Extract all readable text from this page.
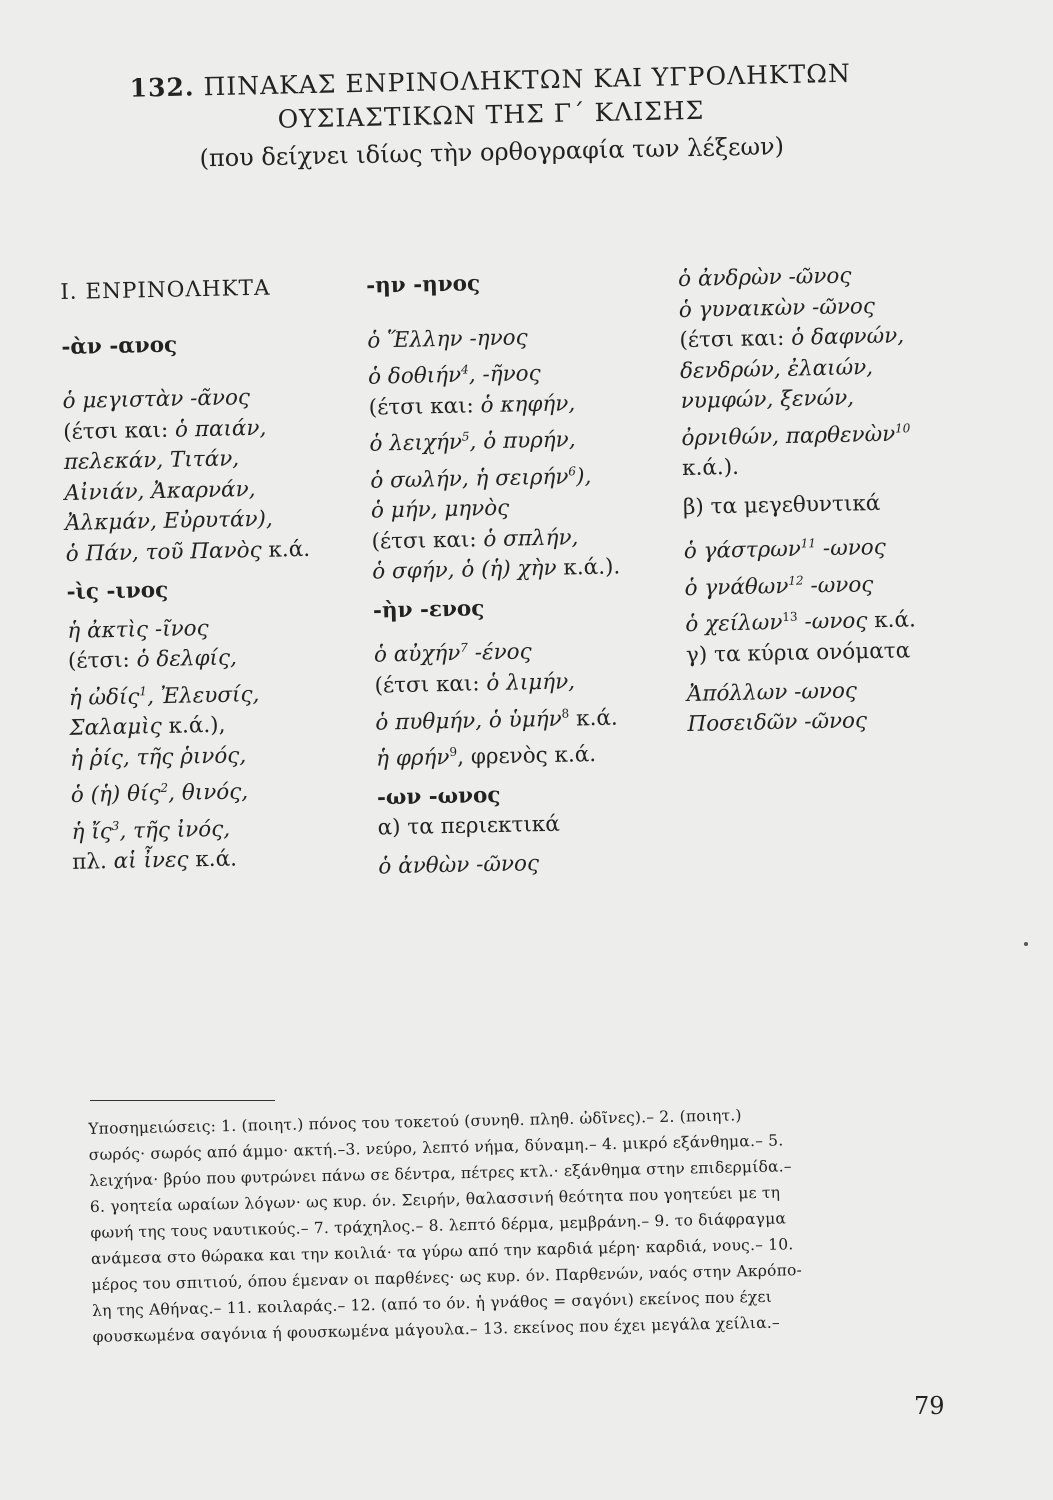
132. ΠΙΝΑΚΑΣ ΕΝΡΙΝΟΛΗΚΤΩΝ ΚΑΙ ΥΓΡΟΛΗΚΤΩΝ
ΟΥΣΙΑΣΤΙΚΩΝ ΤΗΣ Γ΄ ΚΛΙΣΗΣ
(που δείχνει ιδίως τὴν ορθογραφία των λέξεων)
Ι. ΕΝΡΙΝΟΛΗΚΤΑ
-ὰν -ανος
ὁ μεγιστὰν -ᾶνος
(έτσι και: ὁ παιάν,
πελεκάν, Τιτάν,
Αἰνιάν, Ἀκαρνάν,
Ἀλκμάν, Εὐρυτάν),
ὁ Πάν, τοῦ Πανὸς κ.ά.
-ὶς -ινος
ἡ ἀκτὶς -ῖνος
(έτσι: ὁ δελφίς,
ἡ ὠδίς$^1$, Ἐλευσίς,
Σαλαμὶς κ.ά.),
ἡ ῥίς, τῆς ῥινός,
ὁ (ἡ) θίς$^2$, θινός,
ἡ ἴς$^3$, τῆς ἰνός,
πλ. αἱ ἶνες κ.ά.
-ην -ηνος
ὁ Ἕλλην -ηνος
ὁ δοθιήν$^4$, -ῆνος
(έτσι και: ὁ κηφήν,
ὁ λειχήν$^5$, ὁ πυρήν,
ὁ σωλήν, ἡ σειρήν$^6$),
ὁ μήν, μηνὸς
(έτσι και: ὁ σπλήν,
ὁ σφήν, ὁ (ἡ) χὴν κ.ά.).
-ὴν -ενος
ὁ αὐχήν$^7$ -ένος
(έτσι και: ὁ λιμήν,
ὁ πυθμήν, ὁ ὑμήν$^8$ κ.ά.
ἡ φρήν$^9$, φρενὸς κ.ά.
-ων -ωνος
α) τα περιεκτικά
ὁ ἀνθὼν -ῶνος
ὁ ἀνδρὼν -ῶνος
ὁ γυναικὼν -ῶνος
(έτσι και: ὁ δαφνών,
δενδρών, ἐλαιών,
νυμφών, ξενών,
ὀρνιθών, παρθενὼν$^{10}$
κ.ά.).
β) τα μεγεθυντικά
ὁ γάστρων$^{11}$ -ωνος
ὁ γνάθων$^{12}$ -ωνος
ὁ χείλων$^{13}$ -ωνος κ.ά.
γ) τα κύρια ονόματα
Ἀπόλλων -ωνος
Ποσειδῶν -ῶνος
Υποσημειώσεις: 1. (ποιητ.) πόνος του τοκετού (συνηθ. πληθ. ὠδῖνες).– 2. (ποιητ.)
σωρός· σωρός από άμμο· ακτή.–3. νεύρο, λεπτό νήμα, δύναμη.– 4. μικρό εξάνθημα.– 5.
λειχήνα· βρύο που φυτρώνει πάνω σε δέντρα, πέτρες κτλ.· εξάνθημα στην επιδερμίδα.–
6. γοητεία ωραίων λόγων· ως κυρ. όν. Σειρήν, θαλασσινή θεότητα που γοητεύει με τη
φωνή της τους ναυτικούς.– 7. τράχηλος.– 8. λεπτό δέρμα, μεμβράνη.– 9. το διάφραγμα
ανάμεσα στο θώρακα και την κοιλιά· τα γύρω από την καρδιά μέρη· καρδιά, νους.– 10.
μέρος του σπιτιού, όπου έμεναν οι παρθένες· ως κυρ. όν. Παρθενών, ναός στην Ακρόπο-
λη της Αθήνας.– 11. κοιλαράς.– 12. (από το όν. ἡ γνάθος = σαγόνι) εκείνος που έχει
φουσκωμένα σαγόνια ή φουσκωμένα μάγουλα.– 13. εκείνος που έχει μεγάλα χείλια.–
79
